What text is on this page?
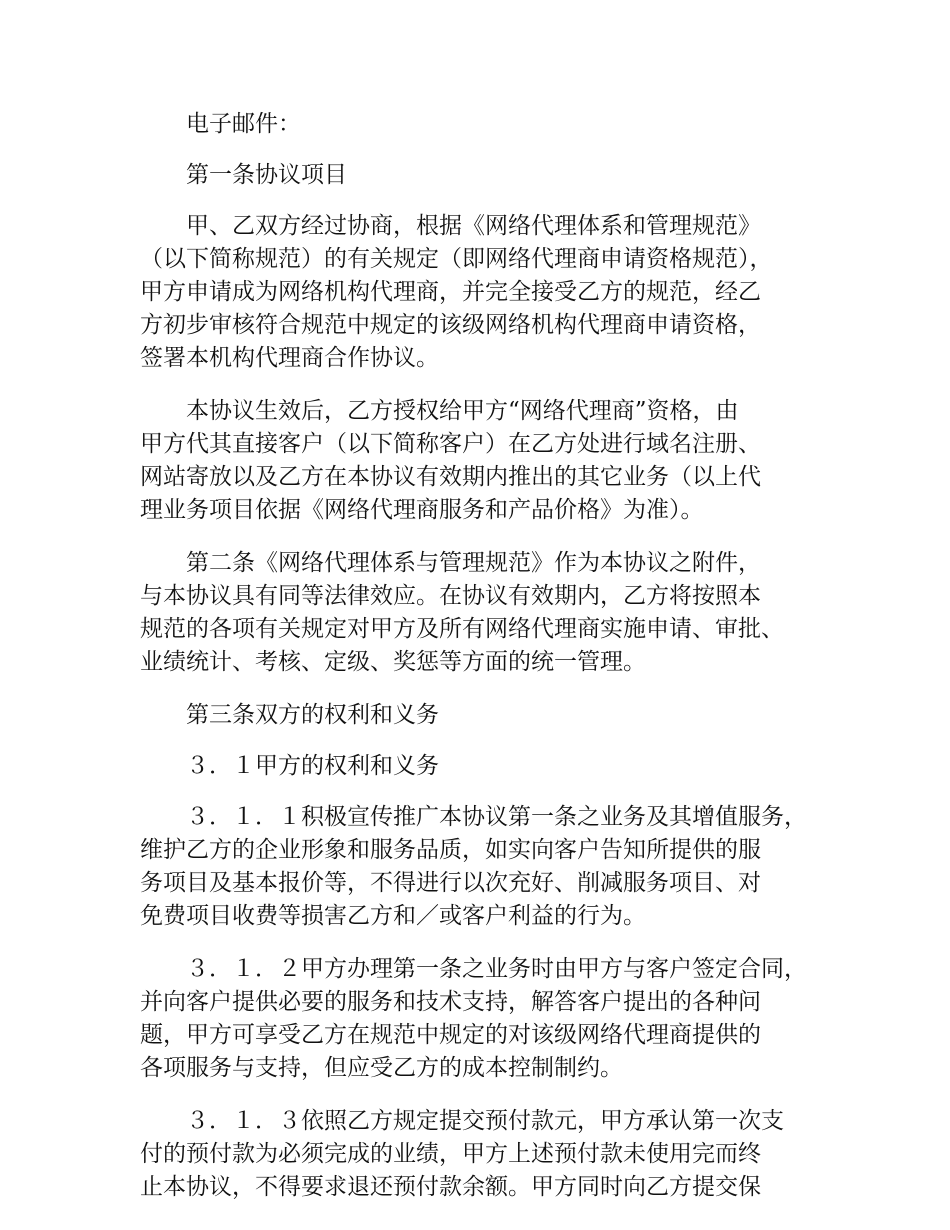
电子邮件：
第一条协议项目
甲、乙双方经过协商，根据《网络代理体系和管理规范》
（以下简称规范）的有关规定（即网络代理商申请资格规范），
甲方申请成为网络机构代理商，并完全接受乙方的规范，经乙
方初步审核符合规范中规定的该级网络机构代理商申请资格，
签署本机构代理商合作协议。
本协议生效后，乙方授权给甲方“网络代理商”资格，由
甲方代其直接客户（以下简称客户）在乙方处进行域名注册、
网站寄放以及乙方在本协议有效期内推出的其它业务（以上代
理业务项目依据《网络代理商服务和产品价格》为准）。
第二条《网络代理体系与管理规范》作为本协议之附件，
与本协议具有同等法律效应。在协议有效期内，乙方将按照本
规范的各项有关规定对甲方及所有网络代理商实施申请、审批、
业绩统计、考核、定级、奖惩等方面的统一管理。
第三条双方的权利和义务
３．１甲方的权利和义务
３．１．１积极宣传推广本协议第一条之业务及其增值服务，
维护乙方的企业形象和服务品质，如实向客户告知所提供的服
务项目及基本报价等，不得进行以次充好、削减服务项目、对
免费项目收费等损害乙方和／或客户利益的行为。
３．１．２甲方办理第一条之业务时由甲方与客户签定合同，
并向客户提供必要的服务和技术支持，解答客户提出的各种问
题，甲方可享受乙方在规范中规定的对该级网络代理商提供的
各项服务与支持，但应受乙方的成本控制制约。
３．１．３依照乙方规定提交预付款元，甲方承认第一次支
付的预付款为必须完成的业绩，甲方上述预付款未使用完而终
止本协议，不得要求退还预付款余额。甲方同时向乙方提交保
